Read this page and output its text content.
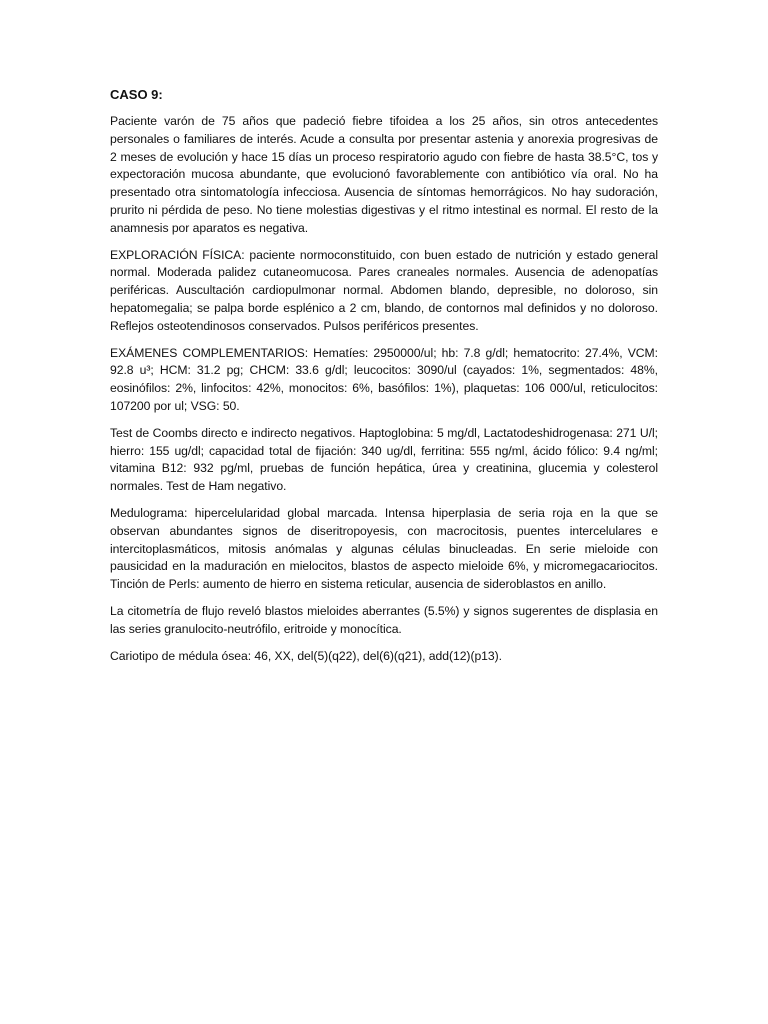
CASO 9:

Paciente varón de 75 años que padeció fiebre tifoidea a los 25 años, sin otros antecedentes personales o familiares de interés. Acude a consulta por presentar astenia y anorexia progresivas de 2 meses de evolución y hace 15 días un proceso respiratorio agudo con fiebre de hasta 38.5°C, tos y expectoración mucosa abundante, que evolucionó favorablemente con antibiótico vía oral. No ha presentado otra sintomatología infecciosa. Ausencia de síntomas hemorrágicos. No hay sudoración, prurito ni pérdida de peso. No tiene molestias digestivas y el ritmo intestinal es normal. El resto de la anamnesis por aparatos es negativa.

EXPLORACIÓN FÍSICA: paciente normoconstituido, con buen estado de nutrición y estado general normal. Moderada palidez cutaneomucosa. Pares craneales normales. Ausencia de adenopatías periféricas. Auscultación cardiopulmonar normal. Abdomen blando, depresible, no doloroso, sin hepatomegalia; se palpa borde esplénico a 2 cm, blando, de contornos mal definidos y no doloroso. Reflejos osteotendinosos conservados. Pulsos periféricos presentes.

EXÁMENES COMPLEMENTARIOS: Hematíes: 2950000/ul; hb: 7.8 g/dl; hematocrito: 27.4%, VCM: 92.8 u³; HCM: 31.2 pg; CHCM: 33.6 g/dl; leucocitos: 3090/ul (cayados: 1%, segmentados: 48%, eosinófilos: 2%, linfocitos: 42%, monocitos: 6%, basófilos: 1%), plaquetas: 106 000/ul, reticulocitos: 107200 por ul; VSG: 50.

Test de Coombs directo e indirecto negativos. Haptoglobina: 5 mg/dl, Lactatodeshidrogenasa: 271 U/l; hierro: 155 ug/dl; capacidad total de fijación: 340 ug/dl, ferritina: 555 ng/ml, ácido fólico: 9.4 ng/ml; vitamina B12: 932 pg/ml, pruebas de función hepática, úrea y creatinina, glucemia y colesterol normales. Test de Ham negativo.

Medulograma: hipercelularidad global marcada. Intensa hiperplasia de seria roja en la que se observan abundantes signos de diseritropoyesis, con macrocitosis, puentes intercelulares e intercitoplasmáticos, mitosis anómalas y algunas células binucleadas. En serie mieloide con pausicidad en la maduración en mielocitos, blastos de aspecto mieloide 6%, y micromegacariocitos. Tinción de Perls: aumento de hierro en sistema reticular, ausencia de sideroblastos en anillo.

La citometría de flujo reveló blastos mieloides aberrantes (5.5%) y signos sugerentes de displasia en las series granulocito-neutrófilo, eritroide y monocítica.

Cariotipo de médula ósea: 46, XX, del(5)(q22), del(6)(q21), add(12)(p13).
